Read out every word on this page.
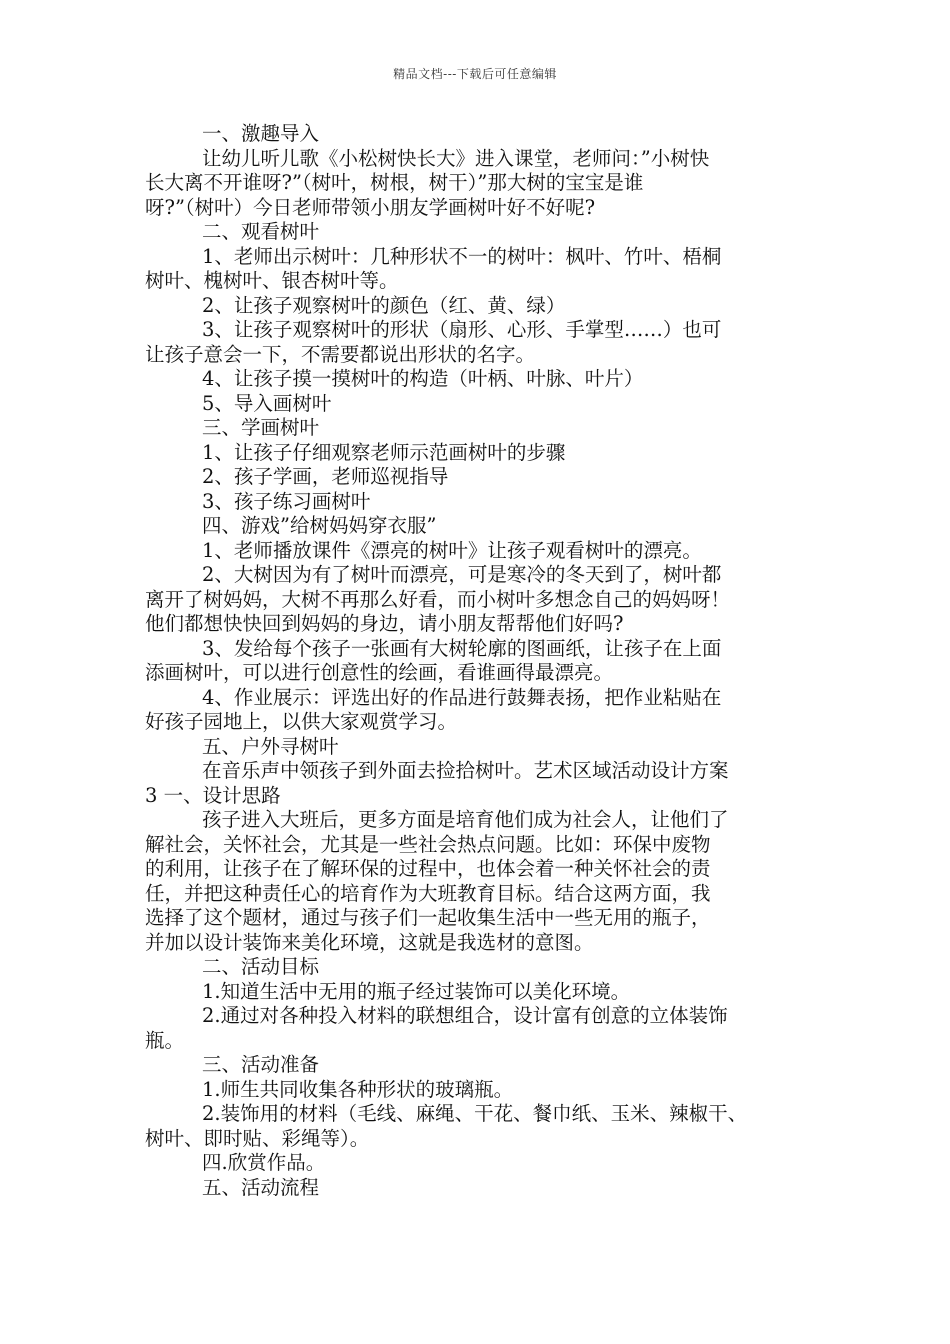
精品文档---下载后可任意编辑
一、激趣导入
让幼儿听儿歌《小松树快长大》进入课堂，老师问：”小树快
长大离不开谁呀?”（树叶，树根，树干）”那大树的宝宝是谁
呀?”（树叶）今日老师带领小朋友学画树叶好不好呢?
二、观看树叶
1、老师出示树叶：几种形状不一的树叶：枫叶、竹叶、梧桐
树叶、槐树叶、银杏树叶等。
2、让孩子观察树叶的颜色（红、黄、绿）
3、让孩子观察树叶的形状（扇形、心形、手掌型……）也可
让孩子意会一下，不需要都说出形状的名字。
4、让孩子摸一摸树叶的构造（叶柄、叶脉、叶片）
5、导入画树叶
三、学画树叶
1、让孩子仔细观察老师示范画树叶的步骤
2、孩子学画，老师巡视指导
3、孩子练习画树叶
四、游戏”给树妈妈穿衣服”
1、老师播放课件《漂亮的树叶》让孩子观看树叶的漂亮。
2、大树因为有了树叶而漂亮，可是寒冷的冬天到了，树叶都
离开了树妈妈，大树不再那么好看，而小树叶多想念自己的妈妈呀！
他们都想快快回到妈妈的身边，请小朋友帮帮他们好吗?
3、发给每个孩子一张画有大树轮廓的图画纸，让孩子在上面
添画树叶，可以进行创意性的绘画，看谁画得最漂亮。
4、作业展示：评选出好的作品进行鼓舞表扬，把作业粘贴在
好孩子园地上，以供大家观赏学习。
五、户外寻树叶
在音乐声中领孩子到外面去捡拾树叶。艺术区域活动设计方案
3 一、设计思路
孩子进入大班后，更多方面是培育他们成为社会人，让他们了
解社会，关怀社会，尤其是一些社会热点问题。比如：环保中废物
的利用，让孩子在了解环保的过程中，也体会着一种关怀社会的责
任，并把这种责任心的培育作为大班教育目标。结合这两方面，我
选择了这个题材，通过与孩子们一起收集生活中一些无用的瓶子，
并加以设计装饰来美化环境，这就是我选材的意图。
二、活动目标
1.知道生活中无用的瓶子经过装饰可以美化环境。
2.通过对各种投入材料的联想组合，设计富有创意的立体装饰
瓶。
三、活动准备
1.师生共同收集各种形状的玻璃瓶。
2.装饰用的材料（毛线、麻绳、干花、餐巾纸、玉米、辣椒干、
树叶、即时贴、彩绳等）。
四.欣赏作品。
五、活动流程
